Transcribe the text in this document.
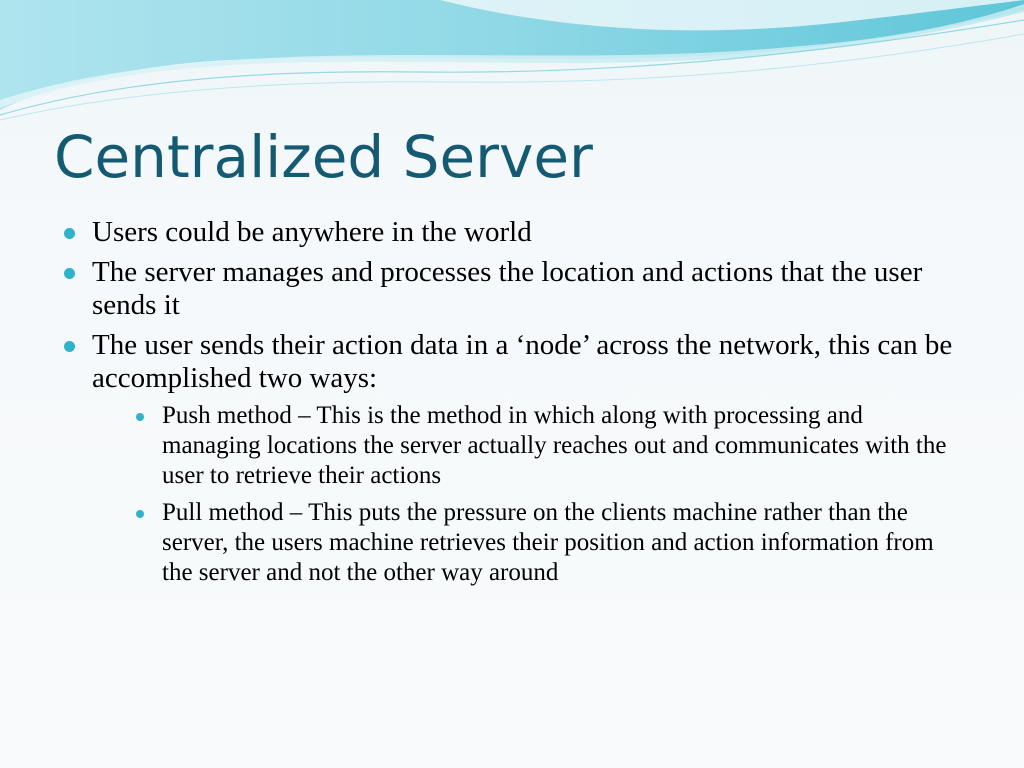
Centralized Server
Users could be anywhere in the world
The server manages and processes the location and actions that the user sends it
The user sends their action data in a ‘node’ across the network, this can be accomplished two ways:
Push method – This is the method in which along with processing and managing locations the server actually reaches out and communicates with the user to retrieve their actions
Pull method – This puts the pressure on the clients machine rather than the server, the users machine retrieves their position and action information from the server and not the other way around
